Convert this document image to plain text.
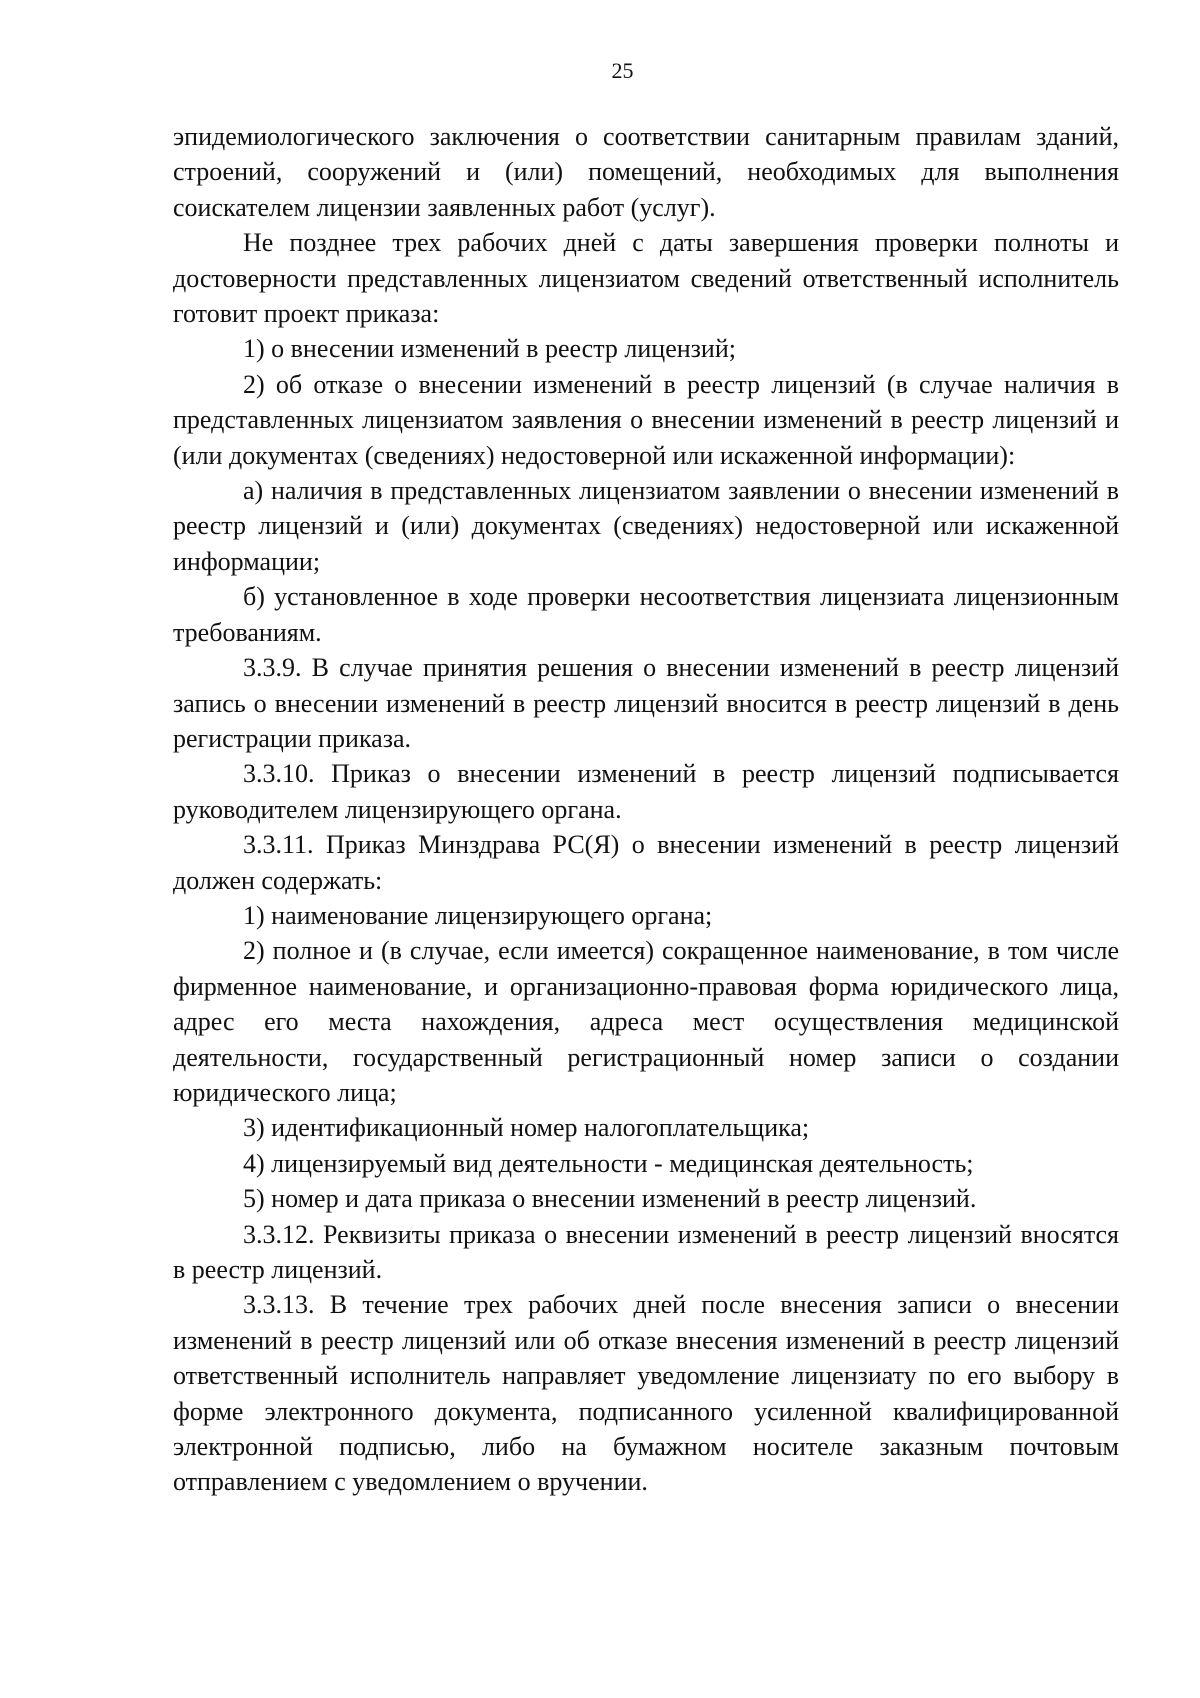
25

эпидемиологического заключения о соответствии санитарным правилам зданий, строений, сооружений и (или) помещений, необходимых для выполнения соискателем лицензии заявленных работ (услуг).

Не позднее трех рабочих дней с даты завершения проверки полноты и достоверности представленных лицензиатом сведений ответственный исполнитель готовит проект приказа:

1) о внесении изменений в реестр лицензий;

2) об отказе о внесении изменений в реестр лицензий (в случае наличия в представленных лицензиатом заявления о внесении изменений в реестр лицензий и (или документах (сведениях) недостоверной или искаженной информации):

а) наличия в представленных лицензиатом заявлении о внесении изменений в реестр лицензий и (или) документах (сведениях) недостоверной или искаженной информации;

б) установленное в ходе проверки несоответствия лицензиата лицензионным требованиям.

3.3.9. В случае принятия решения о внесении изменений в реестр лицензий запись о внесении изменений в реестр лицензий вносится в реестр лицензий в день регистрации приказа.

3.3.10. Приказ о внесении изменений в реестр лицензий подписывается руководителем лицензирующего органа.

3.3.11. Приказ Минздрава РС(Я) о внесении изменений в реестр лицензий должен содержать:

1) наименование лицензирующего органа;

2) полное и (в случае, если имеется) сокращенное наименование, в том числе фирменное наименование, и организационно-правовая форма юридического лица, адрес его места нахождения, адреса мест осуществления медицинской деятельности, государственный регистрационный номер записи о создании юридического лица;

3) идентификационный номер налогоплательщика;

4) лицензируемый вид деятельности - медицинская деятельность;

5) номер и дата приказа о внесении изменений в реестр лицензий.

3.3.12. Реквизиты приказа о внесении изменений в реестр лицензий вносятся в реестр лицензий.

3.3.13. В течение трех рабочих дней после внесения записи о внесении изменений в реестр лицензий или об отказе внесения изменений в реестр лицензий ответственный исполнитель направляет уведомление лицензиату по его выбору в форме электронного документа, подписанного усиленной квалифицированной электронной подписью, либо на бумажном носителе заказным почтовым отправлением с уведомлением о вручении.
